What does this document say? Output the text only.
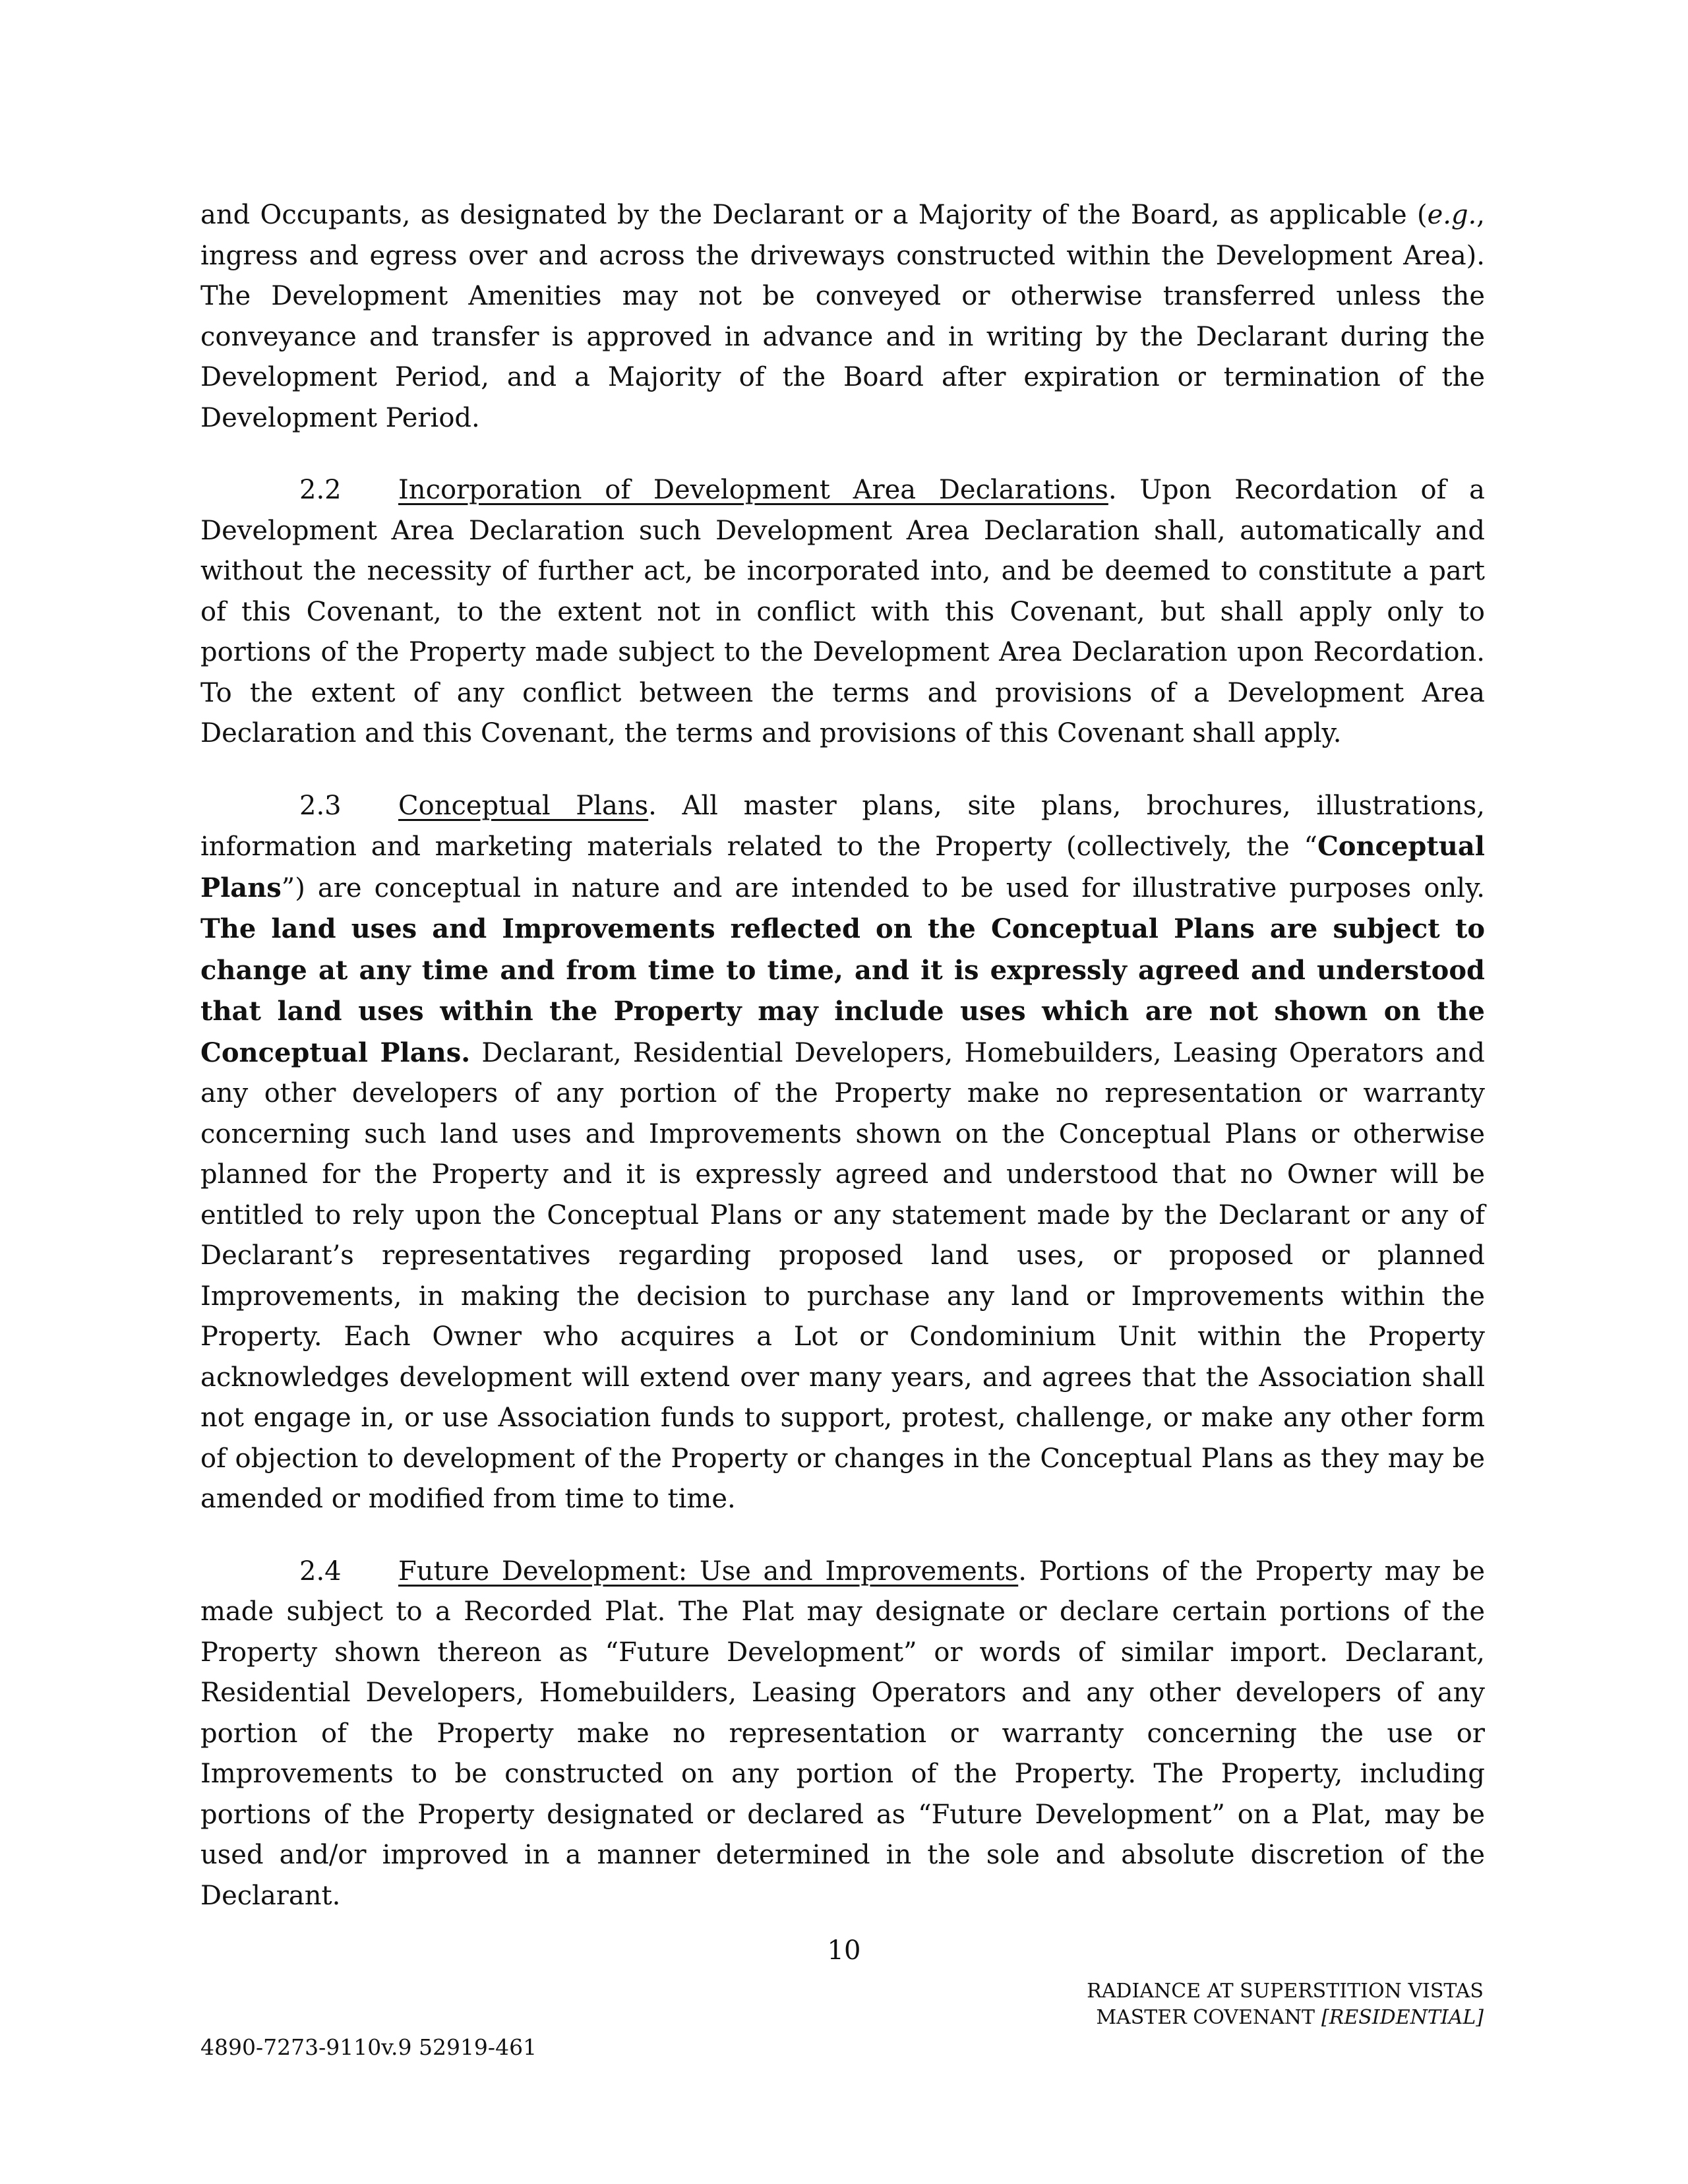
and Occupants, as designated by the Declarant or a Majority of the Board, as applicable (e.g., ingress and egress over and across the driveways constructed within the Development Area). The Development Amenities may not be conveyed or otherwise transferred unless the conveyance and transfer is approved in advance and in writing by the Declarant during the Development Period, and a Majority of the Board after expiration or termination of the Development Period.

2.2 Incorporation of Development Area Declarations. Upon Recordation of a Development Area Declaration such Development Area Declaration shall, automatically and without the necessity of further act, be incorporated into, and be deemed to constitute a part of this Covenant, to the extent not in conflict with this Covenant, but shall apply only to portions of the Property made subject to the Development Area Declaration upon Recordation. To the extent of any conflict between the terms and provisions of a Development Area Declaration and this Covenant, the terms and provisions of this Covenant shall apply.

2.3 Conceptual Plans. All master plans, site plans, brochures, illustrations, information and marketing materials related to the Property (collectively, the “Conceptual Plans”) are conceptual in nature and are intended to be used for illustrative purposes only. The land uses and Improvements reflected on the Conceptual Plans are subject to change at any time and from time to time, and it is expressly agreed and understood that land uses within the Property may include uses which are not shown on the Conceptual Plans. Declarant, Residential Developers, Homebuilders, Leasing Operators and any other developers of any portion of the Property make no representation or warranty concerning such land uses and Improvements shown on the Conceptual Plans or otherwise planned for the Property and it is expressly agreed and understood that no Owner will be entitled to rely upon the Conceptual Plans or any statement made by the Declarant or any of Declarant’s representatives regarding proposed land uses, or proposed or planned Improvements, in making the decision to purchase any land or Improvements within the Property. Each Owner who acquires a Lot or Condominium Unit within the Property acknowledges development will extend over many years, and agrees that the Association shall not engage in, or use Association funds to support, protest, challenge, or make any other form of objection to development of the Property or changes in the Conceptual Plans as they may be amended or modified from time to time.

2.4 Future Development: Use and Improvements. Portions of the Property may be made subject to a Recorded Plat. The Plat may designate or declare certain portions of the Property shown thereon as “Future Development” or words of similar import. Declarant, Residential Developers, Homebuilders, Leasing Operators and any other developers of any portion of the Property make no representation or warranty concerning the use or Improvements to be constructed on any portion of the Property. The Property, including portions of the Property designated or declared as “Future Development” on a Plat, may be used and/or improved in a manner determined in the sole and absolute discretion of the Declarant.

10
RADIANCE AT SUPERSTITION VISTAS
MASTER COVENANT [RESIDENTIAL]
4890-7273-9110v.9 52919-461
